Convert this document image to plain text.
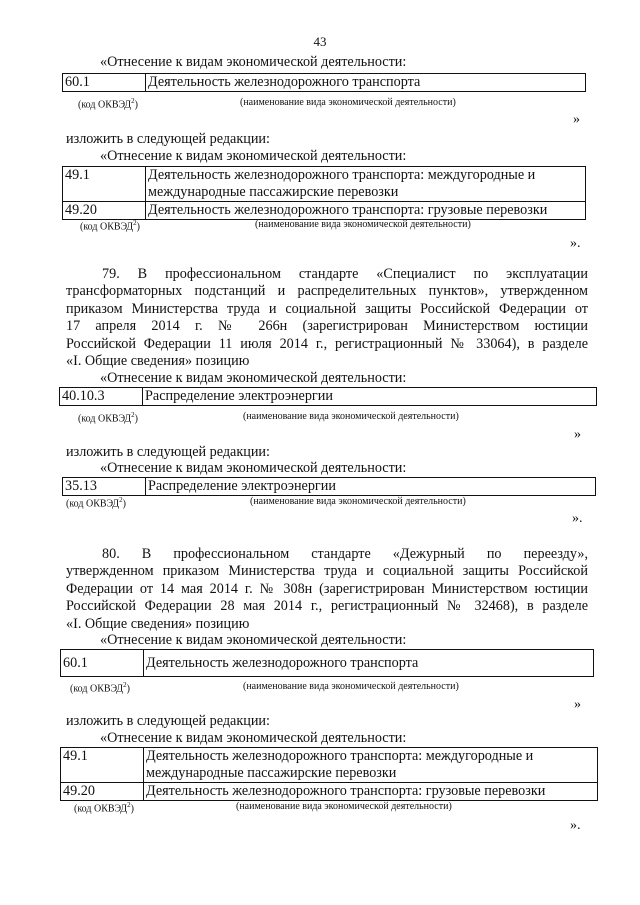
43
«Отнесение к видам экономической деятельности:
60.1	Деятельность железнодорожного транспорта
(код ОКВЭД$^2$)	(наименование вида экономической деятельности)
»
изложить в следующей редакции:
«Отнесение к видам экономической деятельности:
49.1	Деятельность железнодорожного транспорта: междугородные и международные пассажирские перевозки
49.20	Деятельность железнодорожного транспорта: грузовые перевозки
(код ОКВЭД$^2$)	(наименование вида экономической деятельности)
».
79. В профессиональном стандарте «Специалист по эксплуатации
трансформаторных подстанций и распределительных пунктов», утвержденном
приказом Министерства труда и социальной защиты Российской Федерации от
17 апреля 2014 г. № 266н (зарегистрирован Министерством юстиции
Российской Федерации 11 июля 2014 г., регистрационный № 33064), в разделе
«I. Общие сведения» позицию
«Отнесение к видам экономической деятельности:
40.10.3	Распределение электроэнергии
(код ОКВЭД$^2$)	(наименование вида экономической деятельности)
»
изложить в следующей редакции:
«Отнесение к видам экономической деятельности:
35.13	Распределение электроэнергии
(код ОКВЭД$^2$)	(наименование вида экономической деятельности)
».
80. В профессиональном стандарте «Дежурный по переезду»,
утвержденном приказом Министерства труда и социальной защиты Российской
Федерации от 14 мая 2014 г. № 308н (зарегистрирован Министерством юстиции
Российской Федерации 28 мая 2014 г., регистрационный № 32468), в разделе
«I. Общие сведения» позицию
«Отнесение к видам экономической деятельности:
60.1	Деятельность железнодорожного транспорта
(код ОКВЭД$^2$)	(наименование вида экономической деятельности)
»
изложить в следующей редакции:
«Отнесение к видам экономической деятельности:
49.1	Деятельность железнодорожного транспорта: междугородные и международные пассажирские перевозки
49.20	Деятельность железнодорожного транспорта: грузовые перевозки
(код ОКВЭД$^2$)	(наименование вида экономической деятельности)
».
